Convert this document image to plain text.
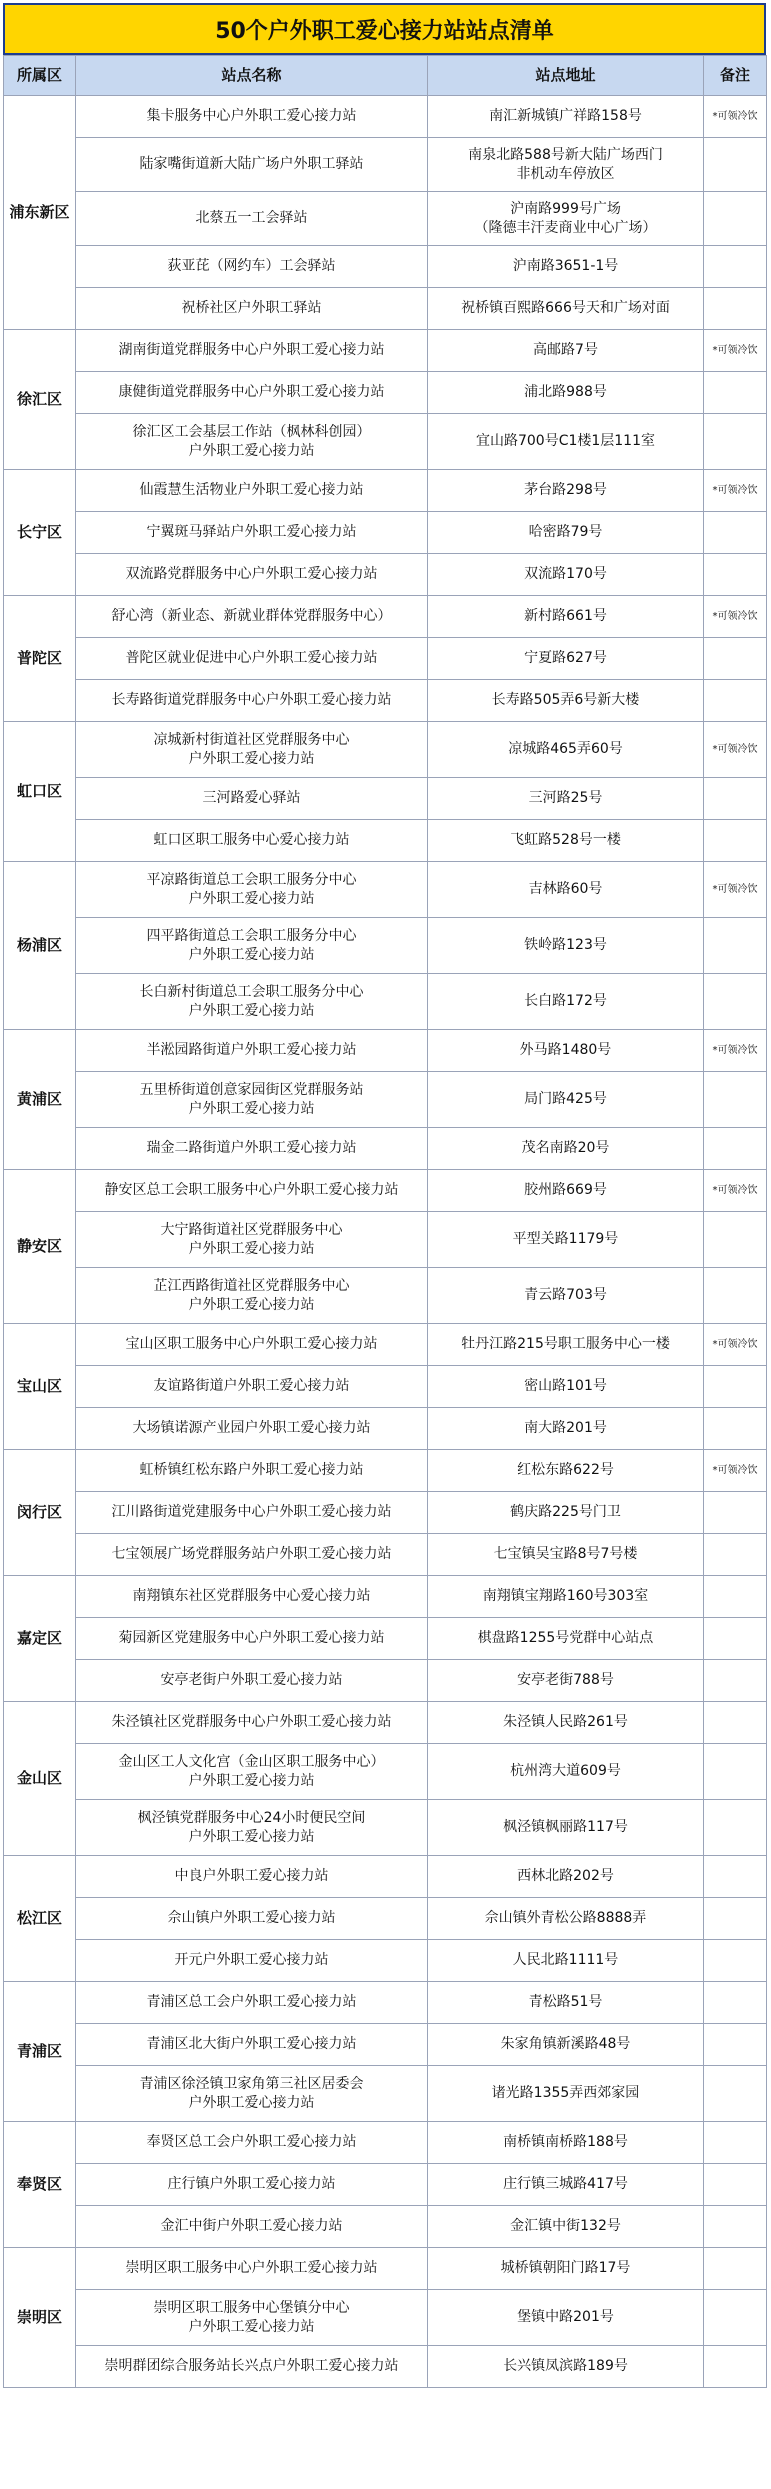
50个户外职工爱心接力站站点清单
所属区	站点名称	站点地址	备注
浦东新区	集卡服务中心户外职工爱心接力站	南汇新城镇广祥路158号	*可领冷饮
	陆家嘴街道新大陆广场户外职工驿站	南泉北路588号新大陆广场西门
非机动车停放区	
	北蔡五一工会驿站	沪南路999号广场
（隆德丰汗麦商业中心广场）	
	荻亚芘（网约车）工会驿站	沪南路3651-1号	
	祝桥社区户外职工驿站	祝桥镇百熙路666号天和广场对面	
徐汇区	湖南街道党群服务中心户外职工爱心接力站	高邮路7号	*可领冷饮
	康健街道党群服务中心户外职工爱心接力站	浦北路988号	
	徐汇区工会基层工作站（枫林科创园）
户外职工爱心接力站	宜山路700号C1楼1层111室	
长宁区	仙霞慧生活物业户外职工爱心接力站	茅台路298号	*可领冷饮
	宁翼斑马驿站户外职工爱心接力站	哈密路79号	
	双流路党群服务中心户外职工爱心接力站	双流路170号	
普陀区	舒心湾（新业态、新就业群体党群服务中心）	新村路661号	*可领冷饮
	普陀区就业促进中心户外职工爱心接力站	宁夏路627号	
	长寿路街道党群服务中心户外职工爱心接力站	长寿路505弄6号新大楼	
虹口区	凉城新村街道社区党群服务中心
户外职工爱心接力站	凉城路465弄60号	*可领冷饮
	三河路爱心驿站	三河路25号	
	虹口区职工服务中心爱心接力站	飞虹路528号一楼	
杨浦区	平凉路街道总工会职工服务分中心
户外职工爱心接力站	吉林路60号	*可领冷饮
	四平路街道总工会职工服务分中心
户外职工爱心接力站	铁岭路123号	
	长白新村街道总工会职工服务分中心
户外职工爱心接力站	长白路172号	
黄浦区	半淞园路街道户外职工爱心接力站	外马路1480号	*可领冷饮
	五里桥街道创意家园街区党群服务站
户外职工爱心接力站	局门路425号	
	瑞金二路街道户外职工爱心接力站	茂名南路20号	
静安区	静安区总工会职工服务中心户外职工爱心接力站	胶州路669号	*可领冷饮
	大宁路街道社区党群服务中心
户外职工爱心接力站	平型关路1179号	
	芷江西路街道社区党群服务中心
户外职工爱心接力站	青云路703号	
宝山区	宝山区职工服务中心户外职工爱心接力站	牡丹江路215号职工服务中心一楼	*可领冷饮
	友谊路街道户外职工爱心接力站	密山路101号	
	大场镇诺源产业园户外职工爱心接力站	南大路201号	
闵行区	虹桥镇红松东路户外职工爱心接力站	红松东路622号	*可领冷饮
	江川路街道党建服务中心户外职工爱心接力站	鹤庆路225号门卫	
	七宝领展广场党群服务站户外职工爱心接力站	七宝镇吴宝路8号7号楼	
嘉定区	南翔镇东社区党群服务中心爱心接力站	南翔镇宝翔路160号303室	
	菊园新区党建服务中心户外职工爱心接力站	棋盘路1255号党群中心站点	
	安亭老街户外职工爱心接力站	安亭老街788号	
金山区	朱泾镇社区党群服务中心户外职工爱心接力站	朱泾镇人民路261号	
	金山区工人文化宫（金山区职工服务中心）
户外职工爱心接力站	杭州湾大道609号	
	枫泾镇党群服务中心24小时便民空间
户外职工爱心接力站	枫泾镇枫丽路117号	
松江区	中良户外职工爱心接力站	西林北路202号	
	佘山镇户外职工爱心接力站	佘山镇外青松公路8888弄	
	开元户外职工爱心接力站	人民北路1111号	
青浦区	青浦区总工会户外职工爱心接力站	青松路51号	
	青浦区北大街户外职工爱心接力站	朱家角镇新溪路48号	
	青浦区徐泾镇卫家角第三社区居委会
户外职工爱心接力站	诸光路1355弄西郊家园	
奉贤区	奉贤区总工会户外职工爱心接力站	南桥镇南桥路188号	
	庄行镇户外职工爱心接力站	庄行镇三城路417号	
	金汇中街户外职工爱心接力站	金汇镇中街132号	
崇明区	崇明区职工服务中心户外职工爱心接力站	城桥镇朝阳门路17号	
	崇明区职工服务中心堡镇分中心
户外职工爱心接力站	堡镇中路201号	
	崇明群团综合服务站长兴点户外职工爱心接力站	长兴镇凤滨路189号	
